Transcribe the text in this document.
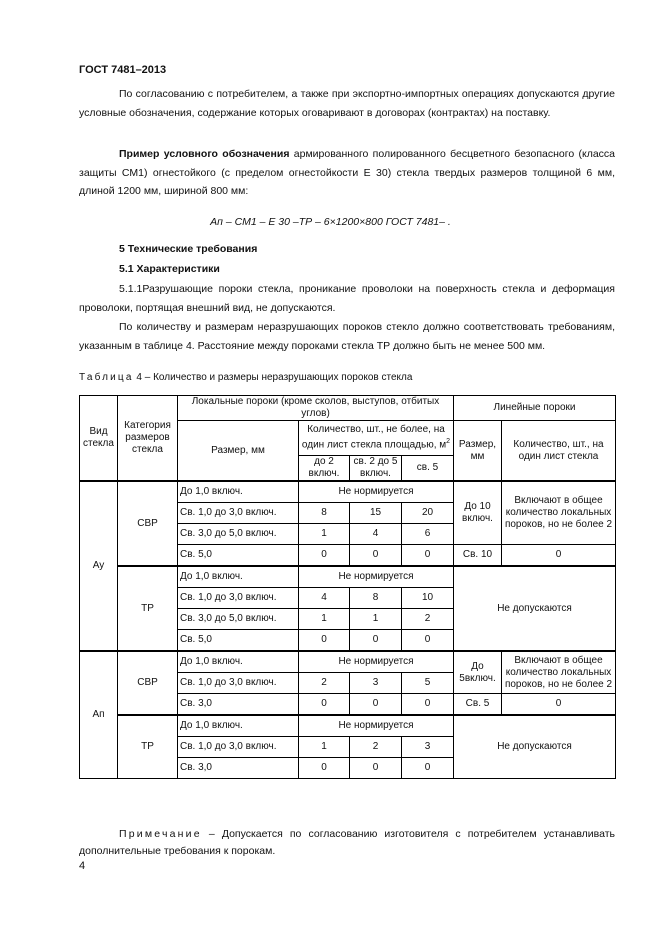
ГОСТ 7481–2013

По согласованию с потребителем, а также при экспортно-импортных операциях допускаются другие условные обозначения, содержание которых оговаривают в договорах (контрактах) на поставку.

Пример условного обозначения армированного полированного бесцветного безопасного (класса защиты СМ1) огнестойкого (с пределом огнестойкости Е 30) стекла твердых размеров толщиной 6 мм, длиной 1200 мм, шириной 800 мм:

Ап – СМ1 – Е 30 –ТР – 6×1200×800 ГОСТ 7481– .
5 Технические требования
5.1 Характеристики

5.1.1Разрушающие пороки стекла, проникание проволоки на поверхность стекла и деформация проволоки, портящая внешний вид, не допускаются.

По количеству и размерам неразрушающих пороков стекло должно соответствовать требованиям, указанным в таблице 4. Расстояние между пороками стекла ТР должно быть не менее 500 мм.

Таблица 4 – Количество и размеры неразрушающих пороков стекла
Вид стекла	Категория размеров стекла	Локальные пороки (кроме сколов, выступов, отбитых углов)				Линейные пороки	
		Размер, мм	Количество, шт., не более, на один лист стекла площадью, $м^2$			Размер, мм	Количество, шт., на один лист стекла
			до 2 включ.	св. 2 до 5 включ.	св. 5		
Ау	СВР	До 1,0 включ.	Не нормируется			До 10 включ.	Включают в общее количество локальных пороков, но не более 2
		Св. 1,0 до 3,0 включ.	8	15	20		
		Св. 3,0 до 5,0 включ.	1	4	6		
		Св. 5,0	0	0	0	Св. 10	0
	ТР	До 1,0 включ.	Не нормируется			Не допускаются	
		Св. 1,0 до 3,0 включ.	4	8	10		
		Св. 3,0 до 5,0 включ.	1	1	2		
		Св. 5,0	0	0	0		
Ап	СВР	До 1,0 включ.	Не нормируется			До 5включ.	Включают в общее количество локальных пороков, но не более 2
		Св. 1,0 до 3,0 включ.	2	3	5		
		Св. 3,0	0	0	0	Св. 5	0
	ТР	До 1,0 включ.	Не нормируется			Не допускаются	
		Св. 1,0 до 3,0 включ.	1	2	3		
		Св. 3,0	0	0	0		
Примечание – Допускается по согласованию изготовителя с потребителем устанавливать дополнительные требования к порокам.
4
